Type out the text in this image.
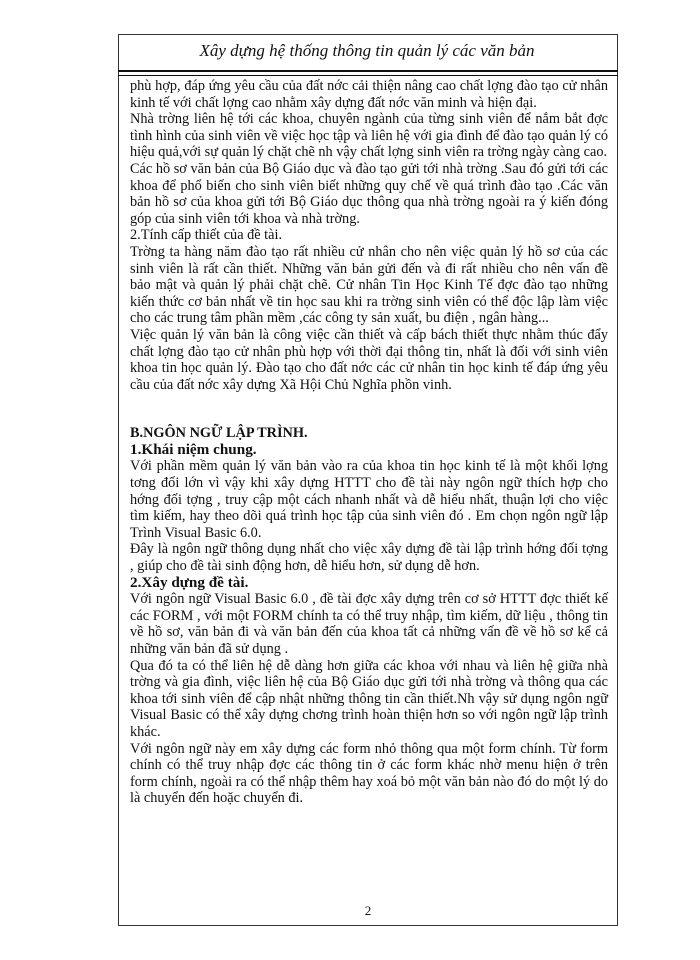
Xây dựng hệ thống thông tin quản lý các văn bản

phù hợp, đáp ứng yêu cầu của đất nớc cải thiện nâng cao chất lợng đào tạo cử nhân kinh tế với chất lợng cao nhằm xây dựng đất nớc văn minh và hiện đại.

Nhà trờng liên hệ tới các khoa, chuyên ngành của từng sinh viên để nắm bắt đợc tình hình của sinh viên về việc học tập và liên hệ với gia đình để đào tạo quản lý có hiệu quả,với sự quản lý chặt chẽ nh vậy chất lợng sinh viên ra trờng ngày càng cao.

Các hồ sơ văn bản của Bộ Giáo dục và đào tạo gửi tới nhà trờng .Sau đó gửi tới các khoa để phổ biến cho sinh viên biết những quy chế về quá trình đào tạo .Các văn bản hồ sơ của khoa gửi tới Bộ Giáo dục thông qua nhà trờng ngoài ra ý kiến đóng góp của sinh viên tới khoa và nhà trờng.

2.Tính cấp thiết của đề tài.

Trờng ta hàng năm đào tạo rất nhiều cử nhân cho nên việc quản lý hồ sơ của các sinh viên là rất cần thiết. Những văn bản gửi đến và đi rất nhiều cho nên vấn đề bảo mật và quản lý phải chặt chẽ. Cử nhân Tin Học Kinh Tế đợc đào tạo những kiến thức cơ bản nhất về tin học sau khi ra trờng sinh viên có thể độc lập làm việc cho các trung tâm phần mềm ,các công ty sản xuất, bu điện , ngân hàng...

Việc quản lý văn bản là công việc cần thiết và cấp bách thiết thực nhằm thúc đẩy chất lợng đào tạo cử nhân phù hợp với thời đại thông tin, nhất là đối với sinh viên khoa tin học quản lý. Đào tạo cho đất nớc các cử nhân tin học kinh tế đáp ứng yêu cầu của đất nớc xây dựng Xã Hội Chủ Nghĩa phồn vinh.

B.NGÔN NGỮ LẬP TRÌNH.

1.Khái niệm chung.

Với phần mềm quản lý văn bản vào ra của khoa tin học kinh tế là một khối lợng tơng đối lớn vì vậy khi xây dựng HTTT cho đề tài này ngôn ngữ thích hợp cho hớng đối tợng , truy cập một cách nhanh nhất và dễ hiểu nhất, thuận lợi cho việc tìm kiếm, hay theo dõi quá trình học tập của sinh viên đó . Em chọn ngôn ngữ lập Trình Visual Basic 6.0.

Đây là ngôn ngữ thông dụng nhất cho việc xây dựng đề tài lập trình hớng đối tợng , giúp cho đề tài sinh động hơn, dễ hiểu hơn, sử dụng dễ hơn.

2.Xây dựng đề tài.

Với ngôn ngữ Visual Basic 6.0 , đề tài đợc xây dựng trên cơ sở HTTT đợc thiết kế các FORM , với một FORM chính ta có thể truy nhập, tìm kiếm, dữ liệu , thông tin về hồ sơ, văn bản đi và văn bản đến của khoa tất cả những vấn đề về hồ sơ kể cả những văn bản đã sử dụng .

Qua đó ta có thể liên hệ dễ dàng hơn giữa các khoa với nhau và liên hệ giữa nhà trờng và gia đình, việc liên hệ của Bộ Giáo dục gửi tới nhà trờng và thông qua các khoa tới sinh viên để cập nhật những thông tin cần thiết.Nh vậy sử dụng ngôn ngữ Visual Basic có thể xây dựng chơng trình hoàn thiện hơn so với ngôn ngữ lập trình khác.

Với ngôn ngữ này em xây dựng các form nhỏ thông qua một form chính. Từ form chính có thể truy nhập đợc các thông tin ở các form khác nhờ menu hiện ở trên form chính, ngoài ra có thể nhập thêm hay xoá bỏ một văn bản nào đó do một lý do là chuyển đến hoặc chuyển đi.

2
